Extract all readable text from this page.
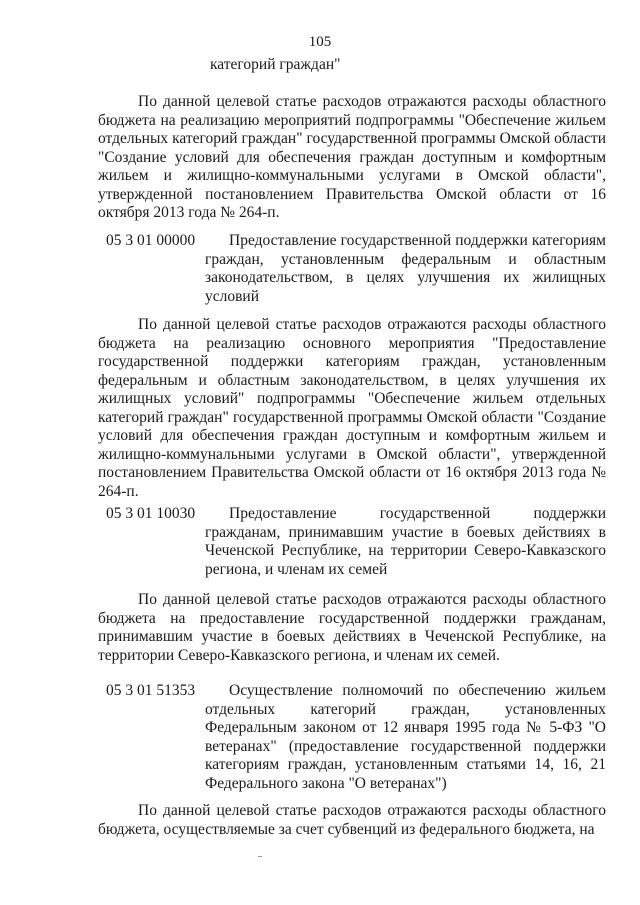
105
категорий граждан"
По данной целевой статье расходов отражаются расходы областного бюджета на реализацию мероприятий подпрограммы "Обеспечение жильем отдельных категорий граждан" государственной программы Омской области "Создание условий для обеспечения граждан доступным и комфортным жильем и жилищно-коммунальными услугами в Омской области", утвержденной постановлением Правительства Омской области от 16 октября 2013 года № 264-п.
05 3 01 00000	Предоставление государственной поддержки категориям граждан, установленным федеральным и областным законодательством, в целях улучшения их жилищных условий
По данной целевой статье расходов отражаются расходы областного бюджета на реализацию основного мероприятия "Предоставление государственной поддержки категориям граждан, установленным федеральным и областным законодательством, в целях улучшения их жилищных условий" подпрограммы "Обеспечение жильем отдельных категорий граждан" государственной программы Омской области "Создание условий для обеспечения граждан доступным и комфортным жильем и жилищно-коммунальными услугами в Омской области", утвержденной постановлением Правительства Омской области от 16 октября 2013 года № 264-п.
05 3 01 10030	Предоставление государственной поддержки гражданам, принимавшим участие в боевых действиях в Чеченской Республике, на территории Северо-Кавказского региона, и членам их семей
По данной целевой статье расходов отражаются расходы областного бюджета на предоставление государственной поддержки гражданам, принимавшим участие в боевых действиях в Чеченской Республике, на территории Северо-Кавказского региона, и членам их семей.
05 3 01 51353	Осуществление полномочий по обеспечению жильем отдельных категорий граждан, установленных Федеральным законом от 12 января 1995 года № 5-ФЗ "О ветеранах" (предоставление государственной поддержки категориям граждан, установленным статьями 14, 16, 21 Федерального закона "О ветеранах")
По данной целевой статье расходов отражаются расходы областного бюджета, осуществляемые за счет субвенций из федерального бюджета, на
